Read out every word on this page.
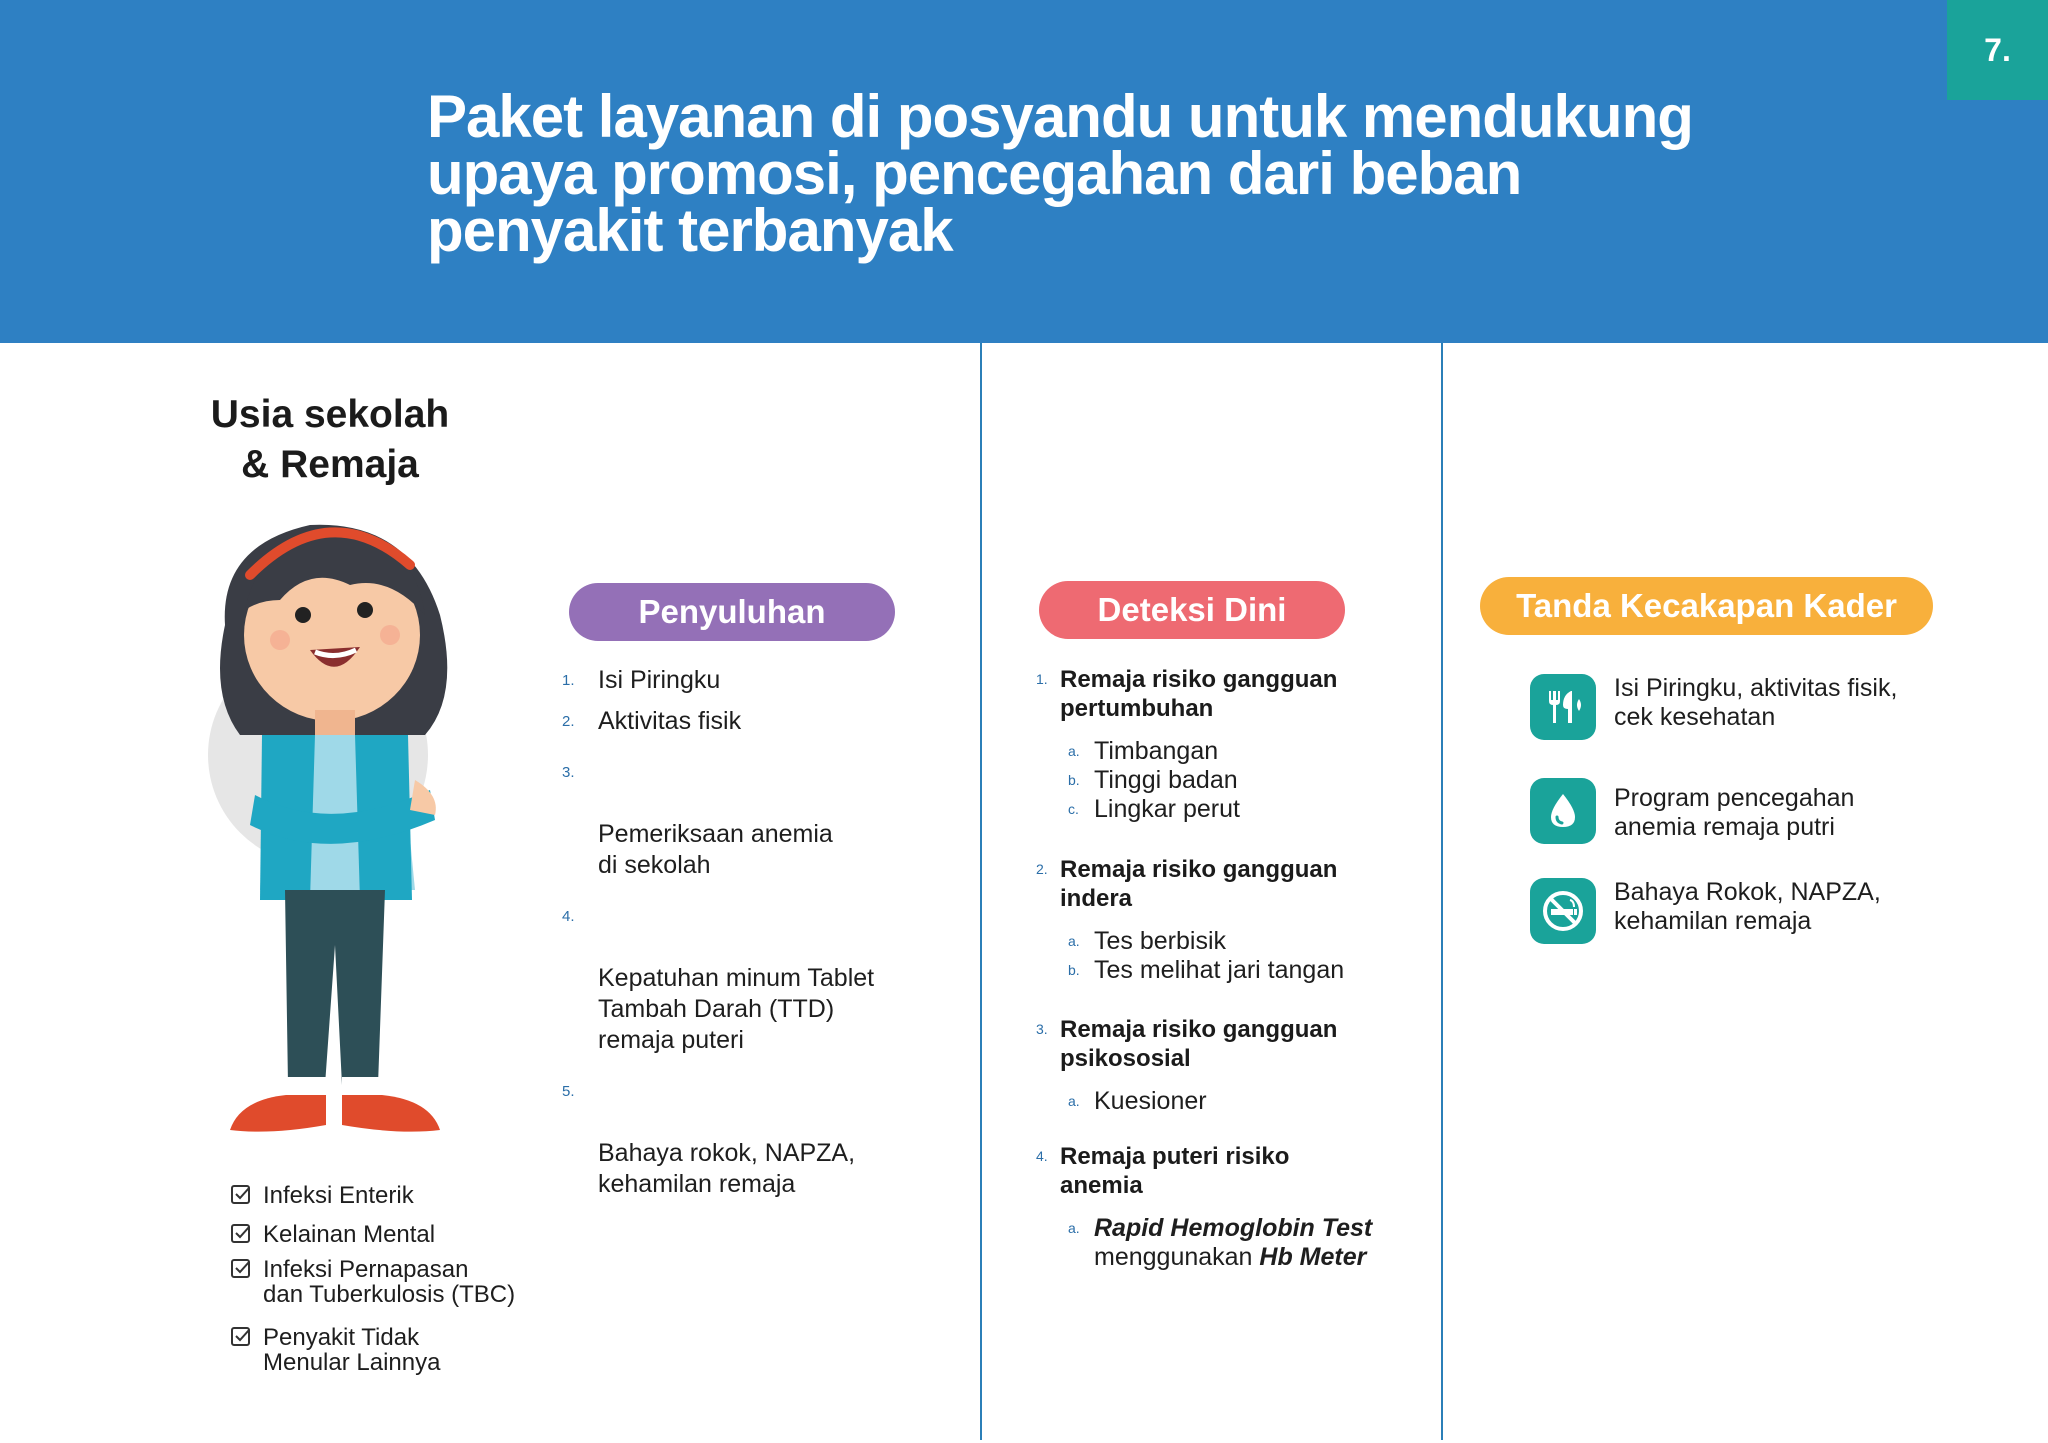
7.
Paket layanan di posyandu untuk mendukung
upaya promosi, pencegahan dari beban
penyakit terbanyak
Usia sekolah
& Remaja
Infeksi Enterik
Kelainan Mental
Infeksi Pernapasan
dan Tuberkulosis (TBC)
Penyakit Tidak
Menular Lainnya
Penyuluhan
1. Isi Piringku
2. Aktivitas fisik

3.

Pemeriksaan anemia
di sekolah

4.

Kepatuhan minum Tablet
Tambah Darah (TTD)
remaja puteri

5.

Bahaya rokok, NAPZA,
kehamilan remaja

Deteksi Dini
1. Remaja risiko gangguan
pertumbuhan
a. Timbangan
b. Tinggi badan
c. Lingkar perut
2. Remaja risiko gangguan
indera
a. Tes berbisik
b. Tes melihat jari tangan
3. Remaja risiko gangguan
psikososial
a. Kuesioner
4. Remaja puteri risiko
anemia
a. Rapid Hemoglobin Test
menggunakan Hb Meter
Tanda Kecakapan Kader
Isi Piringku, aktivitas fisik,
cek kesehatan
Program pencegahan
anemia remaja putri
Bahaya Rokok, NAPZA,
kehamilan remaja
